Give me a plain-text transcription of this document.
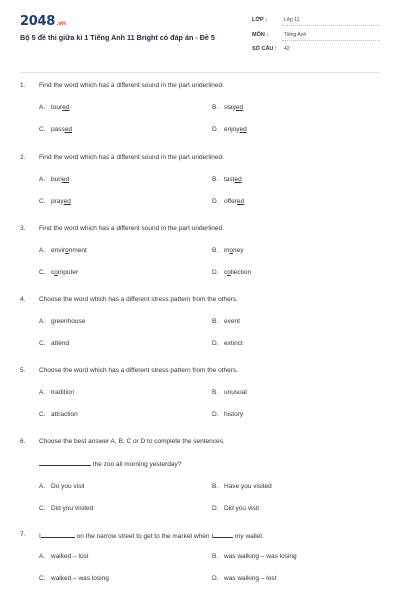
2048.vn
Bộ 5 đề thi giữa kì 1 Tiếng Anh 11 Bright có đáp án - Đề 5
LỚP :	Lớp 11
MÔN :	Tiếng Anh
SỐ CÂU : 42
1. Find the word which has a different sound in the part underlined.
A. toured	B. stayed
C. passed	D. enjoyed
2. Find the word which has a different sound in the part underlined.
A. buried	B. tasted
C. prayed	D. offered
3. Find the word which has a different sound in the part underlined.
A. environment	B. money
C. computer	D. collection
4. Choose the word which has a different stress pattern from the others.
A. greenhouse	B. event
C. attend	D. extinct
5. Choose the word which has a different stress pattern from the others.
A. tradition	B. unusual
C. attraction	D. history
6. Choose the best answer A, B, C or D to complete the sentences.
the zoo all morning yesterday?
A. Do you visit	B. Have you visited
C. Did you visited	D. Did you visit
7. I	on the narrow street to get to the market when I	my wallet.
A. walked – lost	B. was walking – was losing
C. walked – was losing	D. was walking – lost
